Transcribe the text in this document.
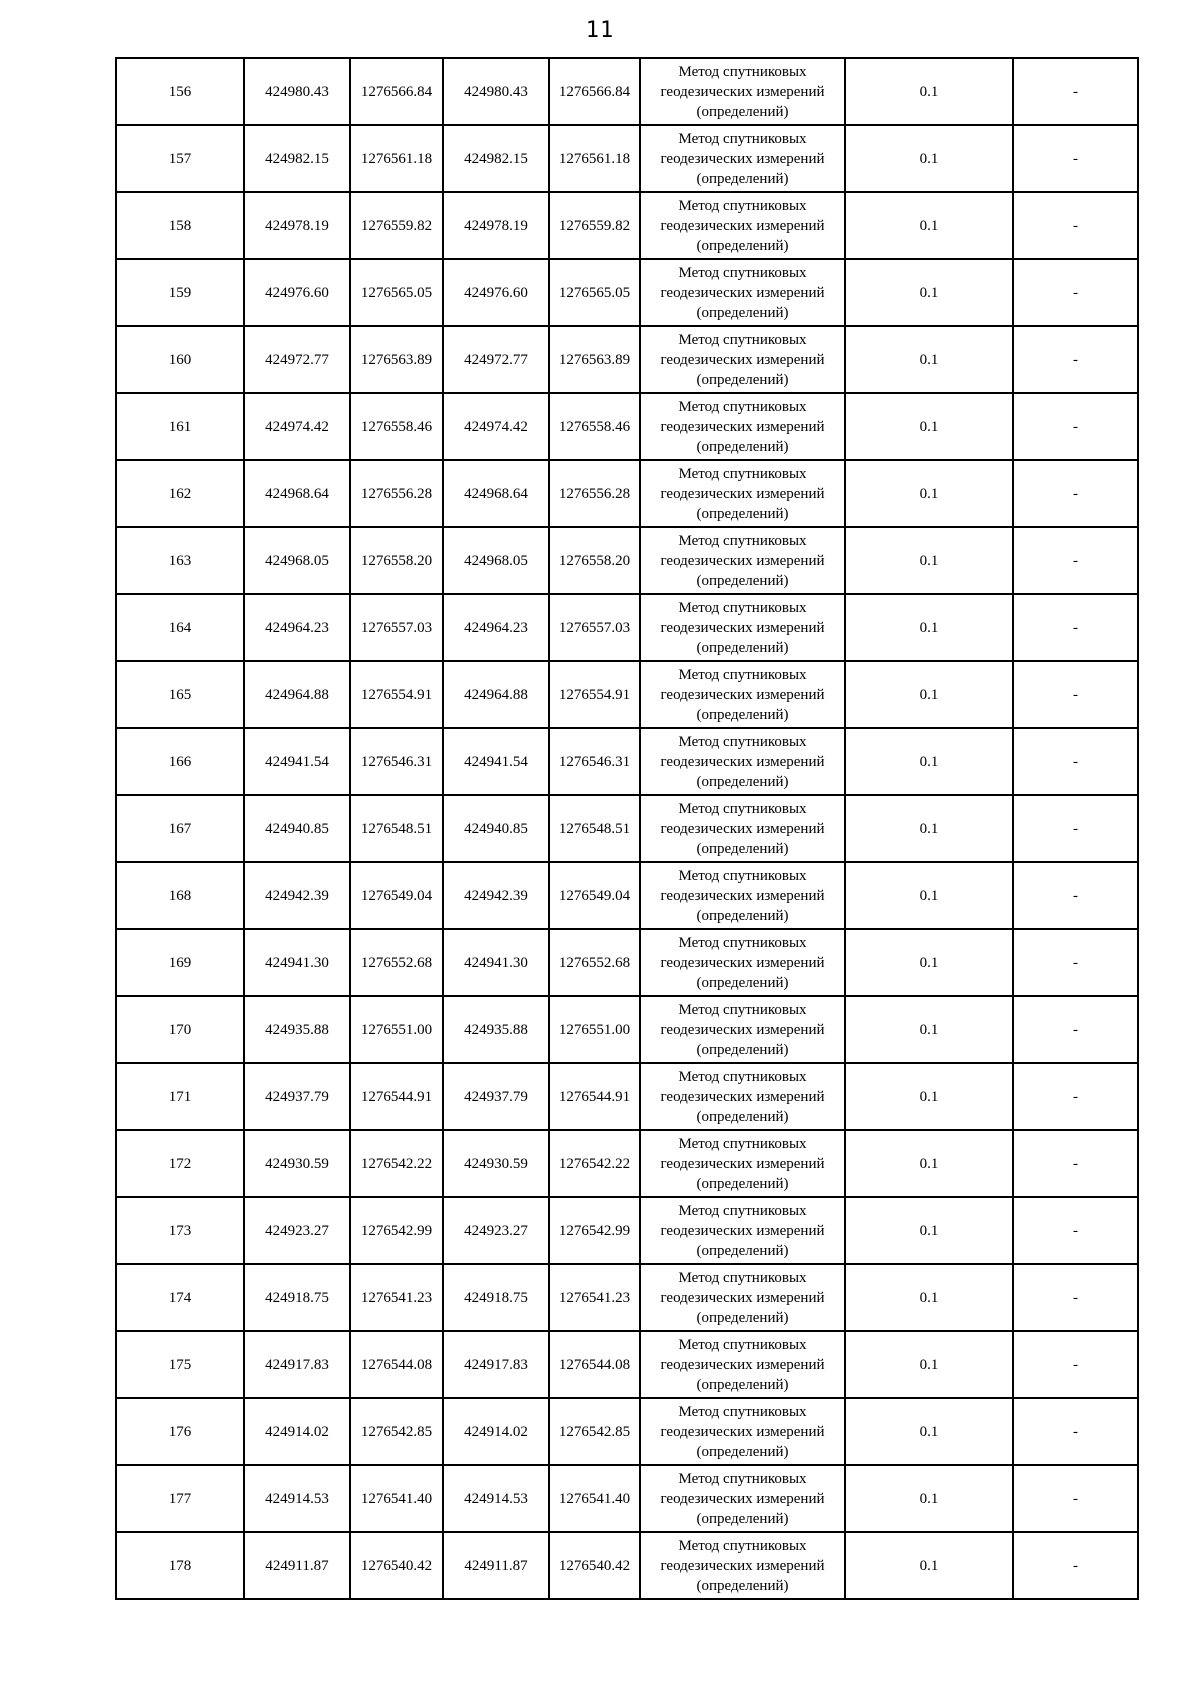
11
156	424980.43	1276566.84	424980.43	1276566.84	Метод спутниковых геодезических измерений (определений)	0.1	-
157	424982.15	1276561.18	424982.15	1276561.18	Метод спутниковых геодезических измерений (определений)	0.1	-
158	424978.19	1276559.82	424978.19	1276559.82	Метод спутниковых геодезических измерений (определений)	0.1	-
159	424976.60	1276565.05	424976.60	1276565.05	Метод спутниковых геодезических измерений (определений)	0.1	-
160	424972.77	1276563.89	424972.77	1276563.89	Метод спутниковых геодезических измерений (определений)	0.1	-
161	424974.42	1276558.46	424974.42	1276558.46	Метод спутниковых геодезических измерений (определений)	0.1	-
162	424968.64	1276556.28	424968.64	1276556.28	Метод спутниковых геодезических измерений (определений)	0.1	-
163	424968.05	1276558.20	424968.05	1276558.20	Метод спутниковых геодезических измерений (определений)	0.1	-
164	424964.23	1276557.03	424964.23	1276557.03	Метод спутниковых геодезических измерений (определений)	0.1	-
165	424964.88	1276554.91	424964.88	1276554.91	Метод спутниковых геодезических измерений (определений)	0.1	-
166	424941.54	1276546.31	424941.54	1276546.31	Метод спутниковых геодезических измерений (определений)	0.1	-
167	424940.85	1276548.51	424940.85	1276548.51	Метод спутниковых геодезических измерений (определений)	0.1	-
168	424942.39	1276549.04	424942.39	1276549.04	Метод спутниковых геодезических измерений (определений)	0.1	-
169	424941.30	1276552.68	424941.30	1276552.68	Метод спутниковых геодезических измерений (определений)	0.1	-
170	424935.88	1276551.00	424935.88	1276551.00	Метод спутниковых геодезических измерений (определений)	0.1	-
171	424937.79	1276544.91	424937.79	1276544.91	Метод спутниковых геодезических измерений (определений)	0.1	-
172	424930.59	1276542.22	424930.59	1276542.22	Метод спутниковых геодезических измерений (определений)	0.1	-
173	424923.27	1276542.99	424923.27	1276542.99	Метод спутниковых геодезических измерений (определений)	0.1	-
174	424918.75	1276541.23	424918.75	1276541.23	Метод спутниковых геодезических измерений (определений)	0.1	-
175	424917.83	1276544.08	424917.83	1276544.08	Метод спутниковых геодезических измерений (определений)	0.1	-
176	424914.02	1276542.85	424914.02	1276542.85	Метод спутниковых геодезических измерений (определений)	0.1	-
177	424914.53	1276541.40	424914.53	1276541.40	Метод спутниковых геодезических измерений (определений)	0.1	-
178	424911.87	1276540.42	424911.87	1276540.42	Метод спутниковых геодезических измерений (определений)	0.1	-
